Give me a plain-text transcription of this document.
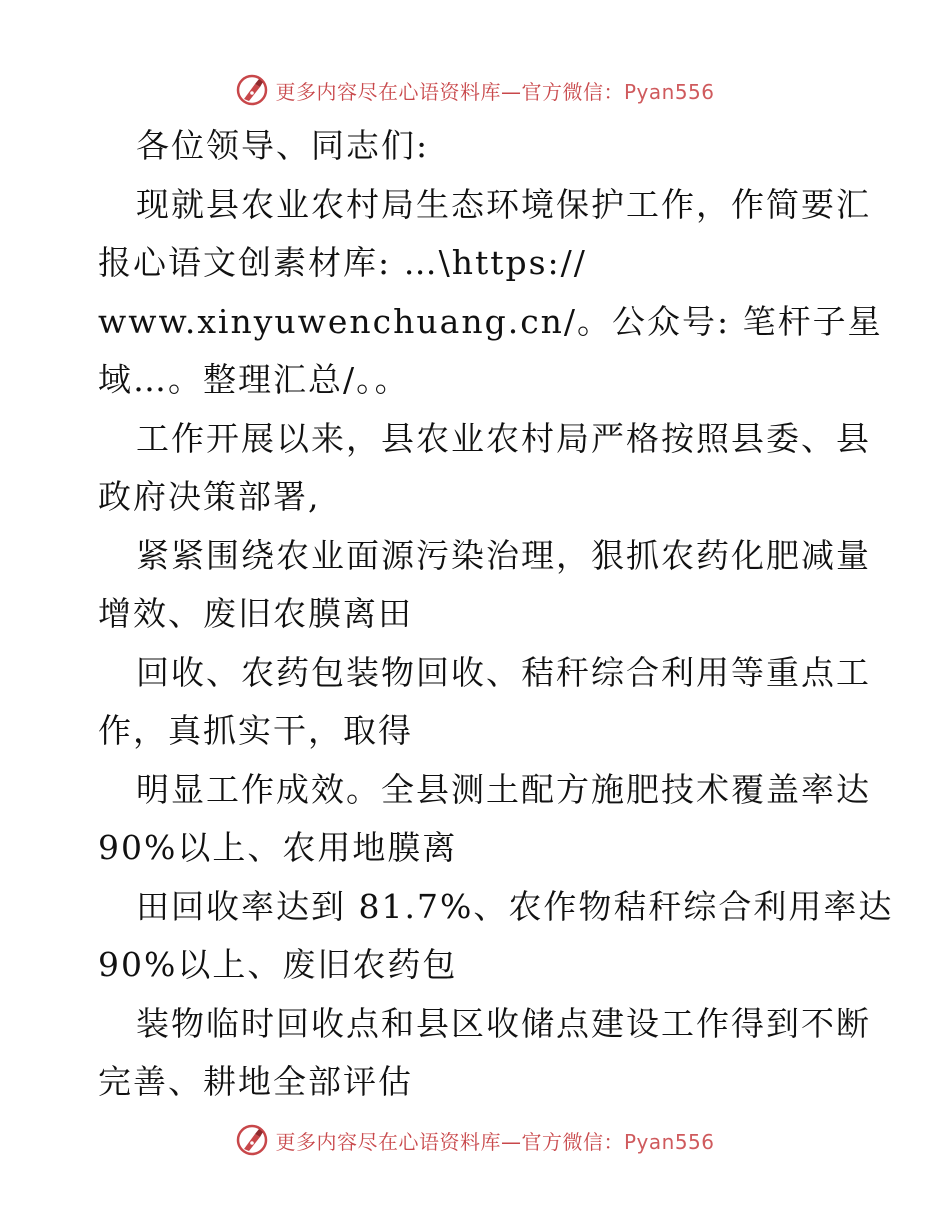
更多内容尽在心语资料库—官方微信：Pyan556
各位领导、同志们:
现就县农业农村局生态环境保护工作，作简要汇
报心语文创素材库: …\https://
www.xinyuwenchuang.cn/。公众号: 笔杆子星
域…。整理汇总/。。
工作开展以来，县农业农村局严格按照县委、县
政府决策部署,
紧紧围绕农业面源污染治理，狠抓农药化肥减量
增效、废旧农膜离田
回收、农药包装物回收、秸秆综合利用等重点工
作，真抓实干，取得
明显工作成效。全县测土配方施肥技术覆盖率达
90%以上、农用地膜离
田回收率达到 81.7%、农作物秸秆综合利用率达
90%以上、废旧农药包
装物临时回收点和县区收储点建设工作得到不断
完善、耕地全部评估
更多内容尽在心语资料库—官方微信：Pyan556
